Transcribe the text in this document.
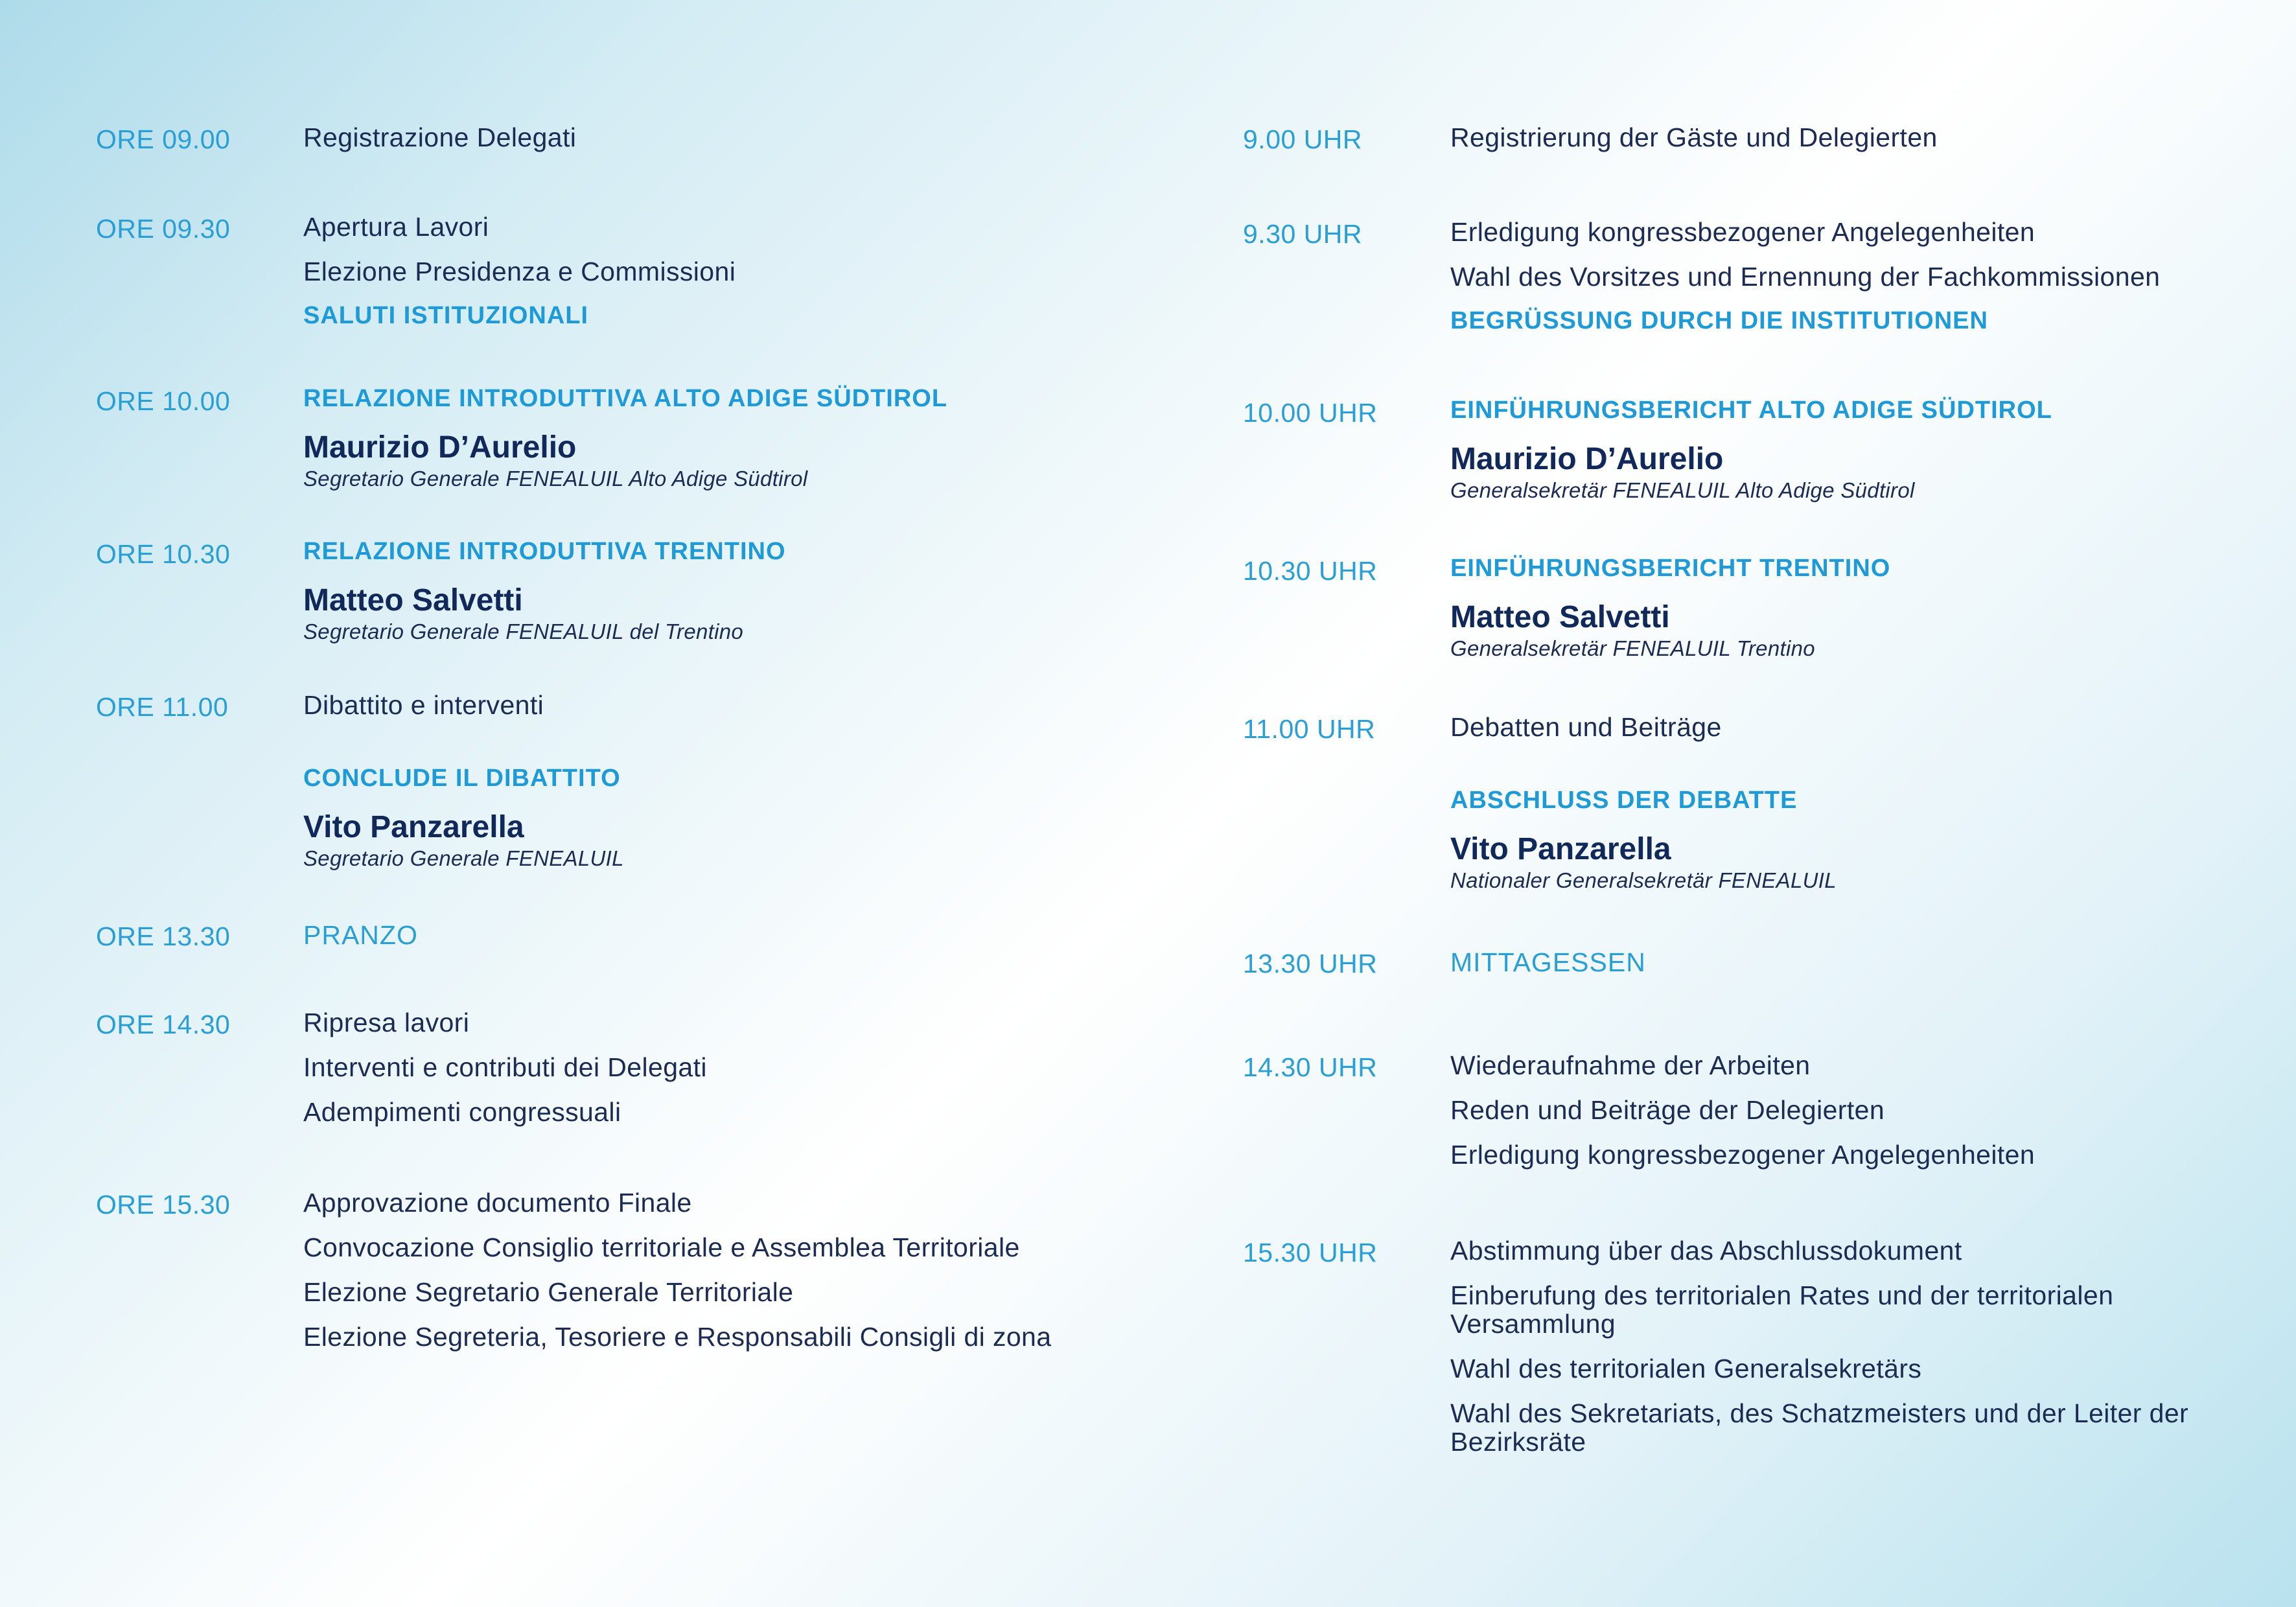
ORE 09.00	Registrazione Delegati
ORE 09.30	Apertura Lavori
Elezione Presidenza e Commissioni
SALUTI ISTITUZIONALI
ORE 10.00	RELAZIONE INTRODUTTIVA ALTO ADIGE SÜDTIROL
Maurizio D’Aurelio
Segretario Generale FENEALUIL Alto Adige Südtirol
ORE 10.30	RELAZIONE INTRODUTTIVA TRENTINO
Matteo Salvetti
Segretario Generale FENEALUIL del Trentino
ORE 11.00	Dibattito e interventi
CONCLUDE IL DIBATTITO
Vito Panzarella
Segretario Generale FENEALUIL
ORE 13.30	PRANZO
ORE 14.30	Ripresa lavori
Interventi e contributi dei Delegati
Adempimenti congressuali
ORE 15.30	Approvazione documento Finale
Convocazione Consiglio territoriale e Assemblea Territoriale
Elezione Segretario Generale Territoriale
Elezione Segreteria, Tesoriere e Responsabili Consigli di zona
9.00 UHR	Registrierung der Gäste und Delegierten
9.30 UHR	Erledigung kongressbezogener Angelegenheiten
Wahl des Vorsitzes und Ernennung der Fachkommissionen
BEGRÜSSUNG DURCH DIE INSTITUTIONEN
10.00 UHR	EINFÜHRUNGSBERICHT ALTO ADIGE SÜDTIROL
Maurizio D’Aurelio
Generalsekretär FENEALUIL Alto Adige Südtirol
10.30 UHR	EINFÜHRUNGSBERICHT TRENTINO
Matteo Salvetti
Generalsekretär FENEALUIL Trentino
11.00 UHR	Debatten und Beiträge
ABSCHLUSS DER DEBATTE
Vito Panzarella
Nationaler Generalsekretär FENEALUIL
13.30 UHR	MITTAGESSEN
14.30 UHR	Wiederaufnahme der Arbeiten
Reden und Beiträge der Delegierten
Erledigung kongressbezogener Angelegenheiten
15.30 UHR	Abstimmung über das Abschlussdokument
Einberufung des territorialen Rates und der territorialen Versammlung
Wahl des territorialen Generalsekretärs
Wahl des Sekretariats, des Schatzmeisters und der Leiter der Bezirksräte
